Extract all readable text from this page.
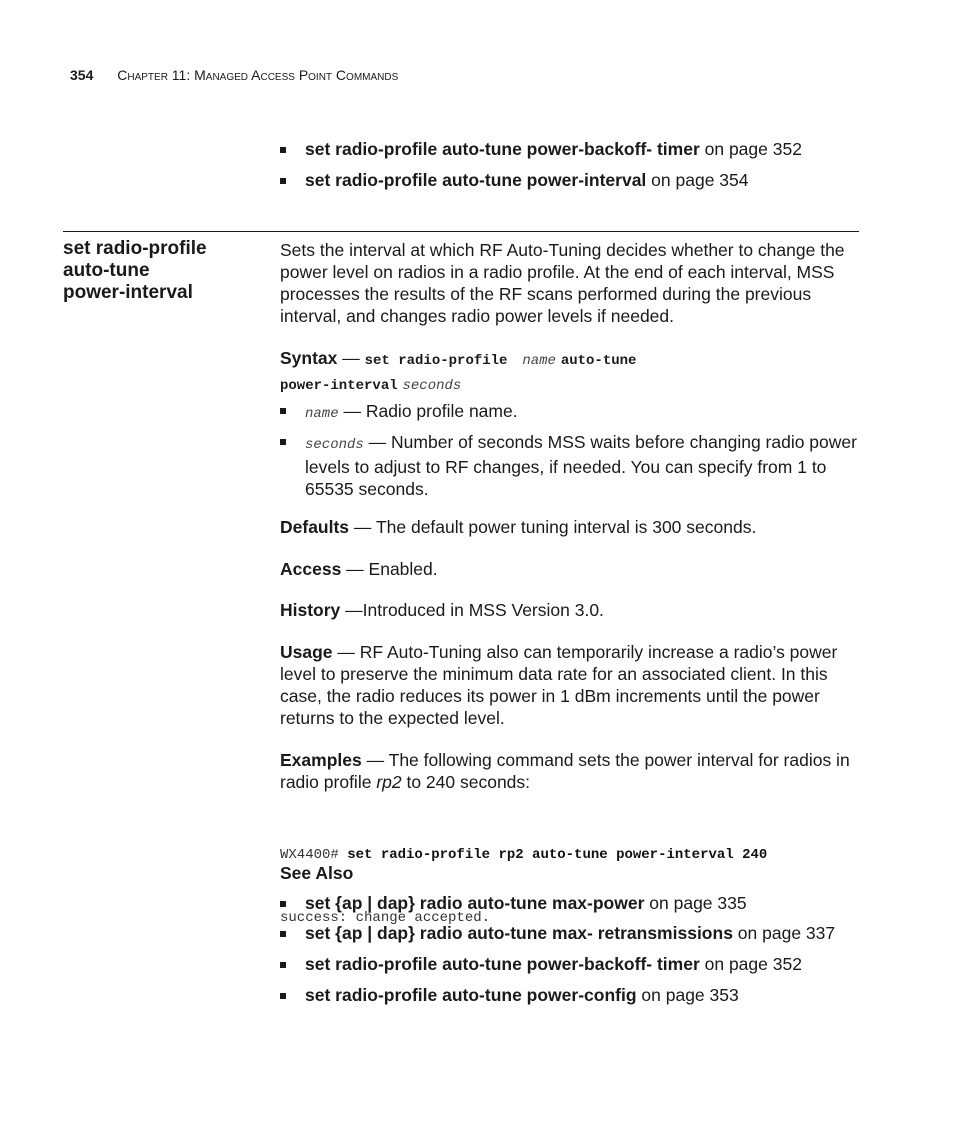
354 Chapter 11: Managed Access Point Commands
set radio-profile auto-tune power-backoff- timer on page 352
set radio-profile auto-tune power-interval on page 354
set radio-profile
auto-tune
power-interval
Sets the interval at which RF Auto-Tuning decides whether to change the power level on radios in a radio profile. At the end of each interval, MSS processes the results of the RF scans performed during the previous interval, and changes radio power levels if needed.
Syntax — set radio-profile name auto-tune
power-interval seconds
name — Radio profile name.
seconds — Number of seconds MSS waits before changing radio power levels to adjust to RF changes, if needed. You can specify from 1 to 65535 seconds.
Defaults — The default power tuning interval is 300 seconds.
Access — Enabled.
History —Introduced in MSS Version 3.0.
Usage — RF Auto-Tuning also can temporarily increase a radio’s power level to preserve the minimum data rate for an associated client. In this case, the radio reduces its power in 1 dBm increments until the power returns to the expected level.
Examples — The following command sets the power interval for radios in radio profile rp2 to 240 seconds:

WX4400# set radio-profile rp2 auto-tune power-interval 240

success: change accepted.

See Also
set {ap | dap} radio auto-tune max-power on page 335
set {ap | dap} radio auto-tune max- retransmissions on page 337
set radio-profile auto-tune power-backoff- timer on page 352
set radio-profile auto-tune power-config on page 353
